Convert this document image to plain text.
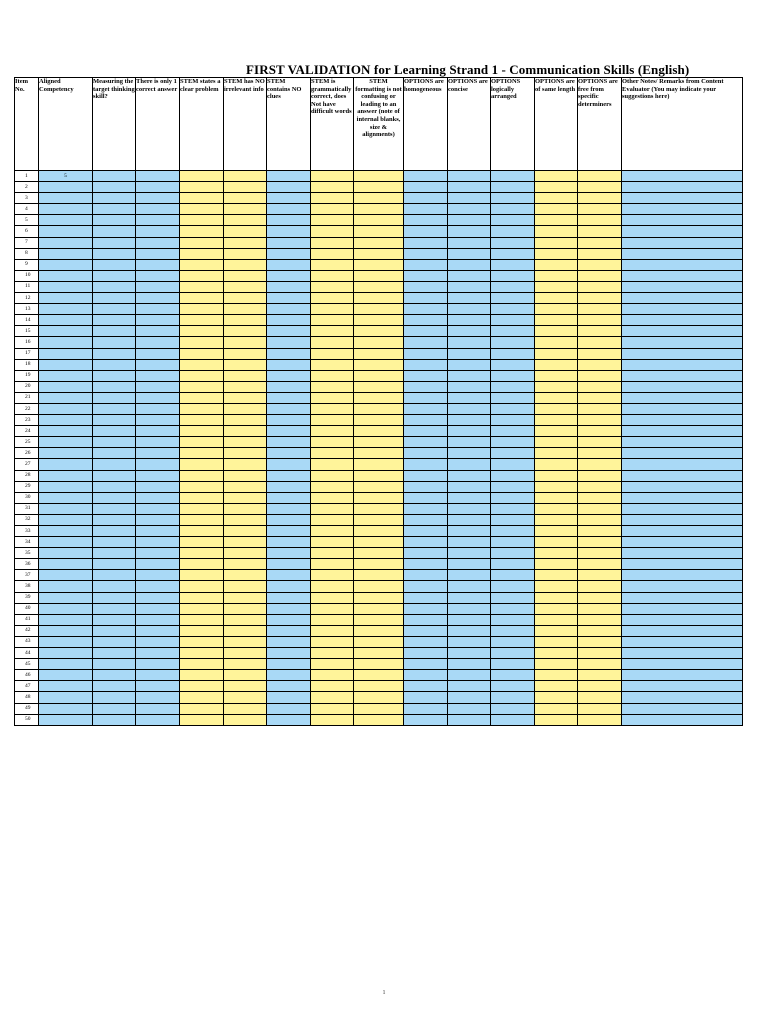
FIRST VALIDATION for Learning Strand 1 - Communication Skills (English)
Item No.	Aligned Competency	Measuring the target thinking skill?	There is only 1 correct answer	STEM states a clear problem	STEM has NO irrelevant info	STEM contains NO clues	STEM is grammatically correct, does Not have difficult words	STEM formatting is not confusing or leading to an answer (note of internal blanks, size & alignments)	OPTIONS are homogeneous	OPTIONS are concise	OPTIONS logically arranged	OPTIONS are of same length	OPTIONS are free from specific determiners	Other Notes/ Remarks from Content Evaluator (You may indicate your suggestions here)
1	5													
2														
3														
4														
5														
6														
7														
8														
9														
10														
11														
12														
13														
14														
15														
16														
17														
18														
19														
20														
21														
22														
23														
24														
25														
26														
27														
28														
29														
30														
31														
32														
33														
34														
35														
36														
37														
38														
39														
40														
41														
42														
43														
44														
45														
46														
47														
48														
49														
50														
1
